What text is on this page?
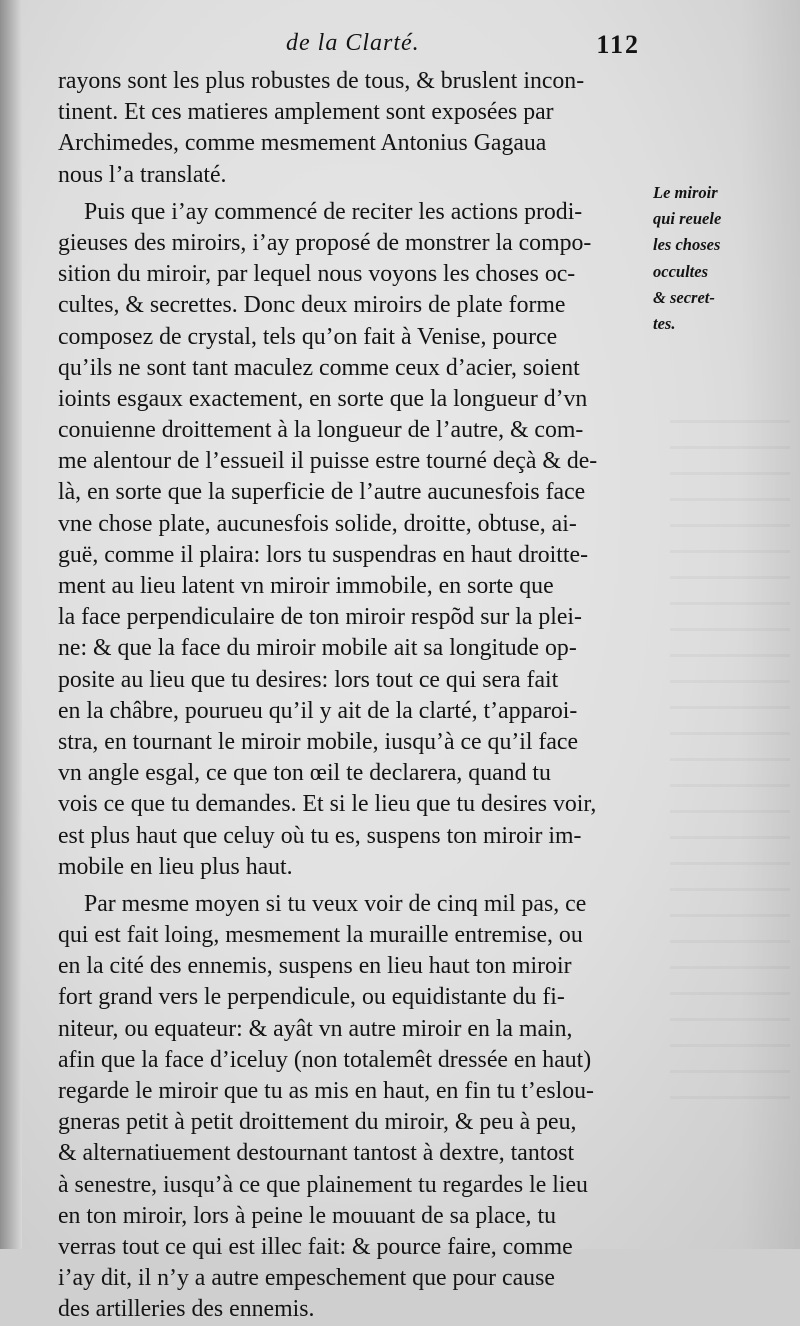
de la Clarté.	112
rayons sont les plus robustes de tous, & bruslent incon-
tinent. Et ces matieres amplement sont exposées par
Archimedes, comme mesmement Antonius Gagaua
nous l’a translaté.
Puis que i’ay commencé de reciter les actions prodi-
gieuses des miroirs, i’ay proposé de monstrer la compo-
sition du miroir, par lequel nous voyons les choses oc-
cultes, & secrettes. Donc deux miroirs de plate forme
composez de crystal, tels qu’on fait à Venise, pource
qu’ils ne sont tant maculez comme ceux d’acier, soient
ioints esgaux exactement, en sorte que la longueur d’vn
conuienne droittement à la longueur de l’autre, & com-
me alentour de l’essueil il puisse estre tourné deçà & de-
là, en sorte que la superficie de l’autre aucunesfois face
vne chose plate, aucunesfois solide, droitte, obtuse, ai-
guë, comme il plaira: lors tu suspendras en haut droitte-
ment au lieu latent vn miroir immobile, en sorte que
la face perpendiculaire de ton miroir respõd sur la plei-
ne: & que la face du miroir mobile ait sa longitude op-
posite au lieu que tu desires: lors tout ce qui sera fait
en la châbre, pourueu qu’il y ait de la clarté, t’apparoi-
stra, en tournant le miroir mobile, iusqu’à ce qu’il face
vn angle esgal, ce que ton œil te declarera, quand tu
vois ce que tu demandes. Et si le lieu que tu desires voir,
est plus haut que celuy où tu es, suspens ton miroir im-
mobile en lieu plus haut.
Par mesme moyen si tu veux voir de cinq mil pas, ce
qui est fait loing, mesmement la muraille entremise, ou
en la cité des ennemis, suspens en lieu haut ton miroir
fort grand vers le perpendicule, ou equidistante du fi-
niteur, ou equateur: & ayât vn autre miroir en la main,
afin que la face d’iceluy (non totalemêt dressée en haut)
regarde le miroir que tu as mis en haut, en fin tu t’eslou-
gneras petit à petit droittement du miroir, & peu à peu,
& alternatiuement destournant tantost à dextre, tantost
à senestre, iusqu’à ce que plainement tu regardes le lieu
en ton miroir, lors à peine le mouuant de sa place, tu
verras tout ce qui est illec fait: & pource faire, comme
i’ay dit, il n’y a autre empeschement que pour cause
des artilleries des ennemis.
Le miroir
qui reuele
les choses
occultes
& secret-
tes.
